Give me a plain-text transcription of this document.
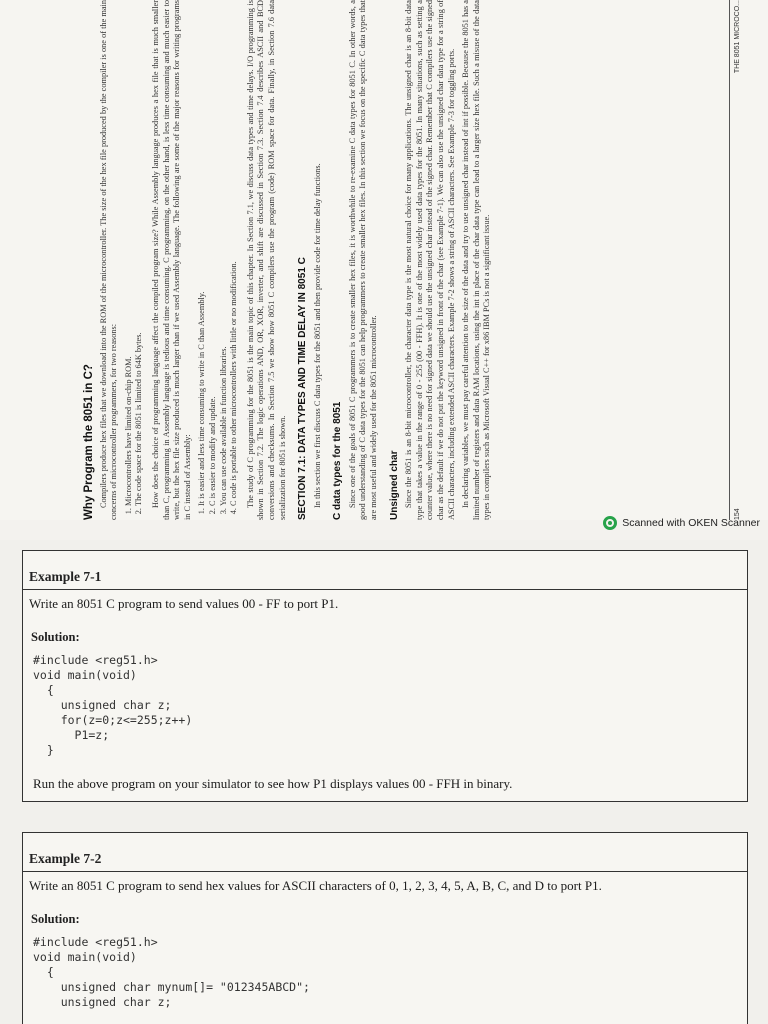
Why Program the 8051 in C? Compilers produce hex files that we download into the ROM of the microcontroller. The size of the hex file produced by the compiler is one of the main concerns of microcontroller programmers, for two reasons: 1. Microcontrollers have limited on-chip ROM. 2. The code space for the 8051 is limited to 64K bytes. How does the choice of programming language affect the compiled program size? While Assembly language produces a hex file that is much smaller than C, programming in Assembly language is tedious and time consuming. C programming, on the other hand, is less time consuming and much easier to write, but the hex file size produced is much larger than if we used Assembly language. The following are some of the major reasons for writing programs in C instead of Assembly: 1. It is easier and less time consuming to write in C than Assembly. 2. C is easier to modify and update. 3. You can use code available in function libraries. 4. C code is portable to other microcontrollers with little or no modification. The study of C programming for the 8051 is the main topic of this chapter. In Section 7.1, we discuss data types and time delays. I/O programming is shown in Section 7.2. The logic operations AND, OR, XOR, inverter, and shift are discussed in Section 7.3. Section 7.4 describes ASCII and BCD conversions and checksums. In Section 7.5 we show how 8051 C compilers use the program (code) ROM space for data. Finally, in Section 7.6 data serialization for 8051 is shown. SECTION 7.1: DATA TYPES AND TIME DELAY IN 8051 C In this section we first discuss C data types for the 8051 and then provide code for time delay functions. C data types for the 8051 Since one of the goals of 8051 C programmers is to create smaller hex files, it is worthwhile to re-examine C data types for 8051 C. In other words, a good understanding of C data types for the 8051 can help programmers to create smaller hex files. In this section we focus on the specific C data types that are most useful and widely used for the 8051 microcontroller. Unsigned char Since the 8051 is an 8-bit microcontroller, the character data type is the most natural choice for many applications. The unsigned char is an 8-bit data type that takes a value in the range of 0 - 255 (00 - FFH). It is one of the most widely used data types for the 8051. In many situations, such as setting a counter value, where there is no need for signed data we should use the unsigned char instead of the signed char. Remember that C compilers use the signed char as the default if we do not put the keyword unsigned in front of the char (see Example 7-1). We can also use the unsigned char data type for a string of ASCII characters, including extended ASCII characters. Example 7-2 shows a string of ASCII characters. See Example 7-3 for toggling ports. In declaring variables, we must pay careful attention to the size of the data and try to use unsigned char instead of int if possible. Because the 8051 has a limited number of registers and data RAM locations, using the int in place of the char data type can lead to a larger size hex file. Such a misuse of the data types in compilers such as Microsoft Visual C++ for x86 IBM PCs is not a significant issue.	154
THE 8051 MICROCO...
Scanned with OKEN Scanner
Example 7-1
Write an 8051 C program to send values 00 - FF to port P1.
Solution:
#include <reg51.h>
void main(void)
{
unsigned char z;
for(z=0;z<=255;z++)
P1=z;
}
Run the above program on your simulator to see how P1 displays values 00 - FFH in binary.
Example 7-2
Write an 8051 C program to send hex values for ASCII characters of 0, 1, 2, 3, 4, 5, A, B, C, and D to port P1.
Solution:
#include <reg51.h>
void main(void)
{
unsigned char mynum[]= "012345ABCD";
unsigned char z;
